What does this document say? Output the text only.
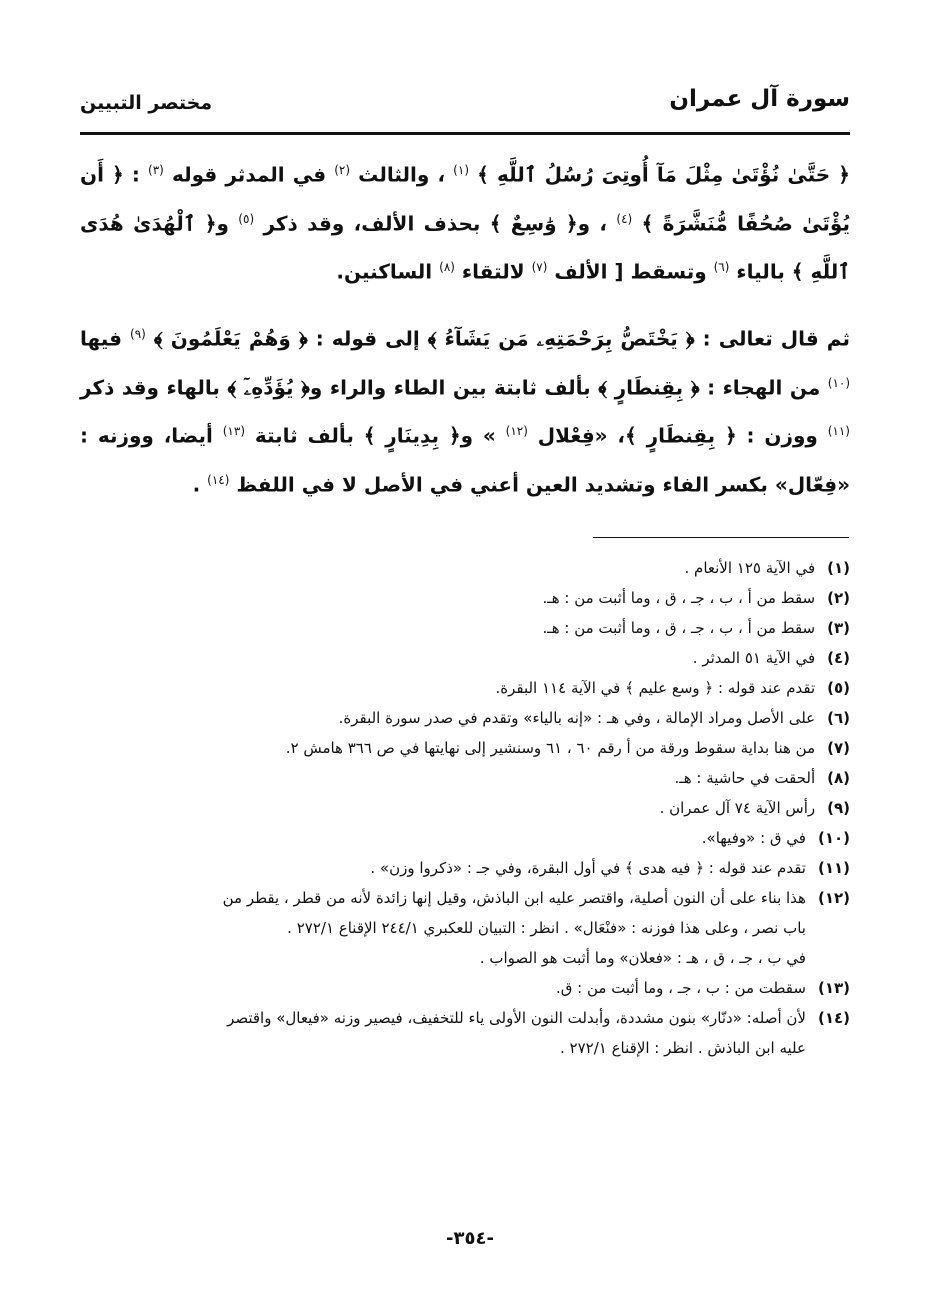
سورة آل عمران
مختصر التبيين

﴿ حَتَّىٰ نُؤْتَىٰ مِثْلَ مَآ أُوتِىَ رُسُلُ ٱللَّهِ ﴾ $^{(١)}$ ، والثالث $^{(٢)}$ في المدثر قوله $^{(٣)}$ : ﴿ أَن يُؤْتَىٰ صُحُفًا مُّنَشَّرَةً ﴾ $^{(٤)}$ ، و﴿ وَٰسِعٌ ﴾ بحذف الألف، وقد ذكر $^{(٥)}$ و﴿ ٱلْهُدَىٰ هُدَى ٱللَّهِ ﴾ بالياء $^{(٦)}$ وتسقط [ الألف $^{(٧)}$ لالتقاء $^{(٨)}$ الساكنين.

ثم قال تعالى : ﴿ يَخْتَصُّ بِرَحْمَتِهِۦ مَن يَشَآءُ ﴾ إلى قوله : ﴿ وَهُمْ يَعْلَمُونَ ﴾ $^{(٩)}$ فيها $^{(١٠)}$ من الهجاء : ﴿ بِقِنطَارٍ ﴾ بألف ثابتة بين الطاء والراء و﴿ يُؤَدِّهِۦٓ ﴾ بالهاء وقد ذكر $^{(١١)}$ ووزن : ﴿ بِقِنطَارٍ ﴾، «فِعْلال $^{(١٢)}$ » و﴿ بِدِينَارٍ ﴾ بألف ثابتة $^{(١٣)}$ أيضا، ووزنه : «فِعّال» بكسر الفاء وتشديد العين أعني في الأصل لا في اللفظ $^{(١٤)}$ .

(١)
في الآية ١٢٥ الأنعام .
(٢)
سقط من أ ، ب ، جـ ، ق ، وما أثبت من : هـ.
(٣)
سقط من أ ، ب ، جـ ، ق ، وما أثبت من : هـ.
(٤)
في الآية ٥١ المدثر .
(٥)
تقدم عند قوله : ﴿ وسع عليم ﴾ في الآية ١١٤ البقرة.
(٦)
على الأصل ومراد الإمالة ، وفي هـ : «إنه بالياء» وتقدم في صدر سورة البقرة.
(٧)
من هنا بداية سقوط ورقة من أ رقم ٦٠ ، ٦١ وسنشير إلى نهايتها في ص ٣٦٦ هامش ٢.
(٨)
ألحقت في حاشية : هـ.
(٩)
رأس الآية ٧٤ آل عمران .
(١٠)
في ق : «وفيها».
(١١)
تقدم عند قوله : ﴿ فيه هدى ﴾ في أول البقرة، وفي جـ : «ذكروا وزن» .
(١٢)
هذا بناء على أن النون أصلية، واقتصر عليه ابن الباذش، وقيل إنها زائدة لأنه من قطر ، يقطر من
باب نصر ، وعلى هذا فوزنه : «فنْعَال» . انظر : التبيان للعكبري ٢٤٤/١ الإقناع ٢٧٢/١ .
في ب ، جـ ، ق ، هـ : «فعلان» وما أثبت هو الصواب .
(١٣)
سقطت من : ب ، جـ ، وما أثبت من : ق.
(١٤)
لأن أصله: «دنّار» بنون مشددة، وأبدلت النون الأولى ياء للتخفيف، فيصير وزنه «فيعال» واقتصر
عليه ابن الباذش . انظر : الإقناع ٢٧٢/١ .
-٣٥٤-
